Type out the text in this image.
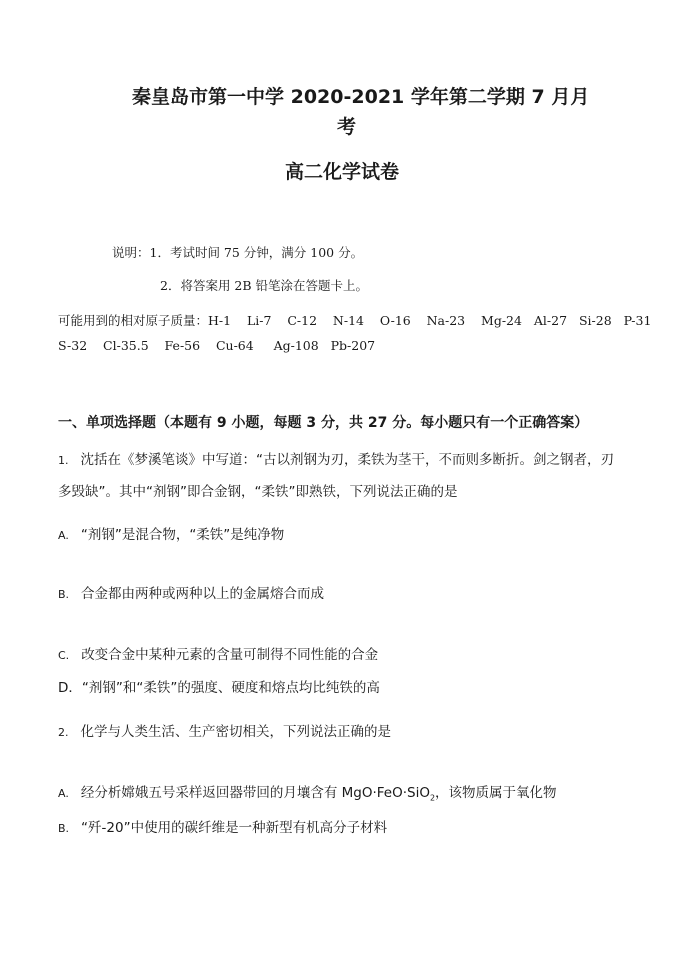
秦皇岛市第一中学 2020-2021 学年第二学期 7 月月
考
高二化学试卷
说明：1．考试时间 75 分钟，满分 100 分。
2．将答案用 2B 铅笔涂在答题卡上。
可能用到的相对原子质量：H-1    Li-7    C-12    N-14    O-16    Na-23    Mg-24   Al-27   Si-28   P-31
S-32    Cl-35.5    Fe-56    Cu-64     Ag-108   Pb-207
一、单项选择题（本题有 9 小题，每题 3 分，共 27 分。每小题只有一个正确答案）
1. 沈括在《梦溪笔谈》中写道：“古以剂钢为刃，柔铁为茎干，不而则多断折。剑之钢者，刃
多毁缺”。其中“剂钢”即合金钢，“柔铁”即熟铁，下列说法正确的是
A. “剂钢”是混合物，“柔铁”是纯净物
B. 合金都由两种或两种以上的金属熔合而成
C. 改变合金中某种元素的含量可制得不同性能的合金
D．“剂钢”和“柔铁”的强度、硬度和熔点均比纯铁的高
2. 化学与人类生活、生产密切相关，下列说法正确的是
A. 经分析嫦娥五号采样返回器带回的月壤含有 MgO·FeO·SiO$_2$，该物质属于氧化物
B. “歼-20”中使用的碳纤维是一种新型有机高分子材料
